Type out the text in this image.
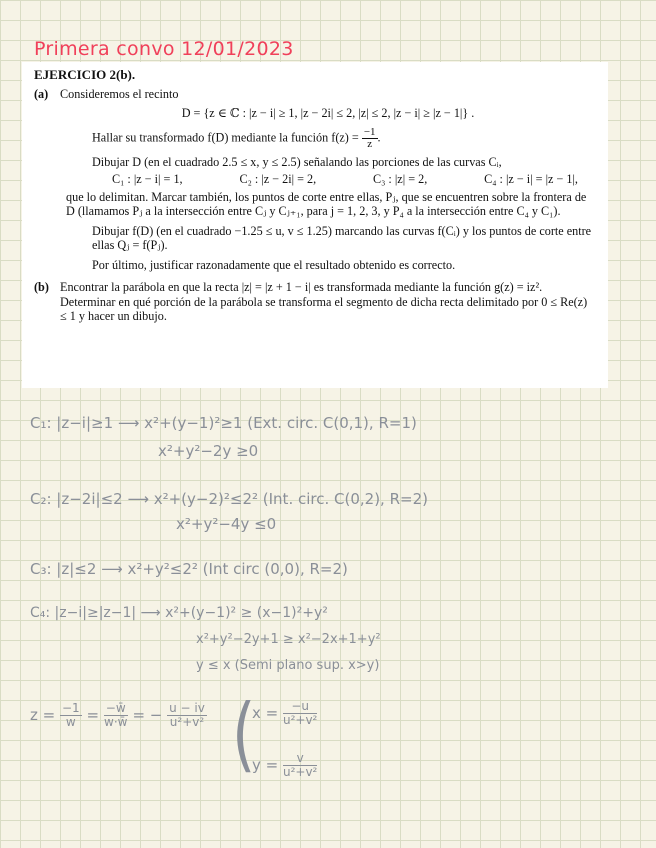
Primera convo 12/01/2023

EJERCICIO 2(b).

(a) Consideremos el recinto

D = {z ∈ ℂ : |z − i| ≥ 1, |z − 2i| ≤ 2, |z| ≤ 2, |z − i| ≥ |z − 1|} .

Hallar su transformado f(D) mediante la función $f(z) = \frac{-1}{z}$ .

Dibujar D (en el cuadrado 2.5 ≤ x, y ≤ 2.5) señalando las porciones de las curvas Cᵢ,

C₁ : |z − i| = 1,	C₂ : |z − 2i| = 2,	C₃ : |z| = 2,	C₄ : |z − i| = |z − 1|,

que lo delimitan. Marcar también, los puntos de corte entre ellas, Pⱼ, que se encuentren sobre la frontera de D (llamamos Pⱼ a la intersección entre Cⱼ y Cⱼ₊₁, para j = 1, 2, 3, y P₄ a la intersección entre C₄ y C₁).

Dibujar f(D) (en el cuadrado −1.25 ≤ u, v ≤ 1.25) marcando las curvas f(Cᵢ) y los puntos de corte entre ellas Qⱼ = f(Pⱼ).

Por último, justificar razonadamente que el resultado obtenido es correcto.

(b) Encontrar la parábola en que la recta |z| = |z + 1 − i| es transformada mediante la función g(z) = iz². Determinar en qué porción de la parábola se transforma el segmento de dicha recta delimitado por 0 ≤ Re(z) ≤ 1 y hacer un dibujo.

C₁: |z−i|≥1 ⟶ x²+(y−1)²≥1 (Ext. circ. C(0,1), R=1)
x²+y²−2y ≥0
C₂: |z−2i|≤2 ⟶ x²+(y−2)²≤2² (Int. circ. C(0,2), R=2)
x²+y²−4y ≤0
C₃: |z|≤2 ⟶ x²+y²≤2² (Int circ (0,0), R=2)
C₄: |z−i|≥|z−1| ⟶ x²+(y−1)² ≥ (x−1)²+y²
x²+y²−2y+1 ≥ x²−2x+1+y²
y ≤ x (Semi plano sup. x>y)
$z = \frac{-1}{w} = \frac{-w̄}{w\cdot w̄}$ = − $\frac{u - iv}{\text{u²+v²}}$ (
$x = \frac{-u}{\text{u²+v²}}$
$y = \frac{v}{\text{u²+v²}}$
